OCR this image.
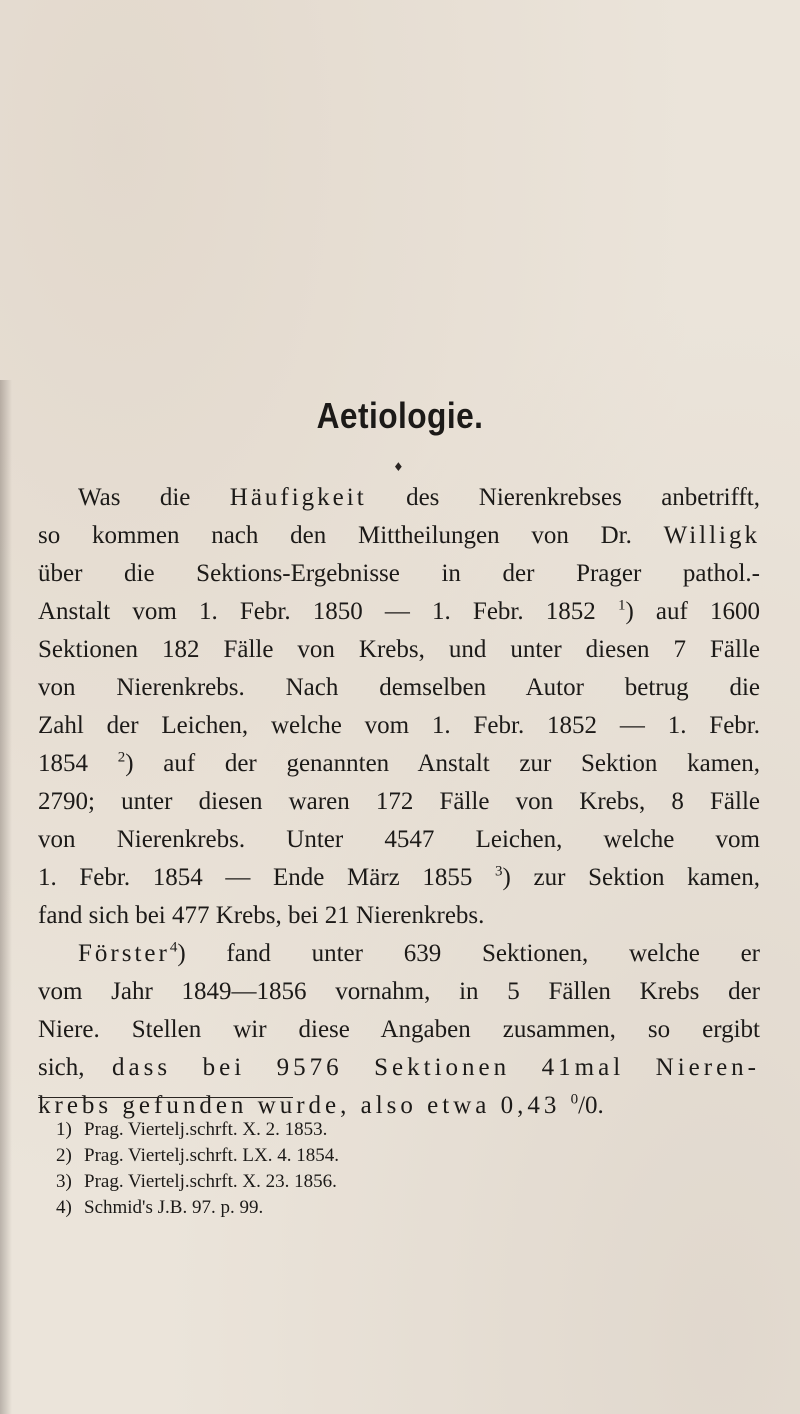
Aetiologie.
♦
Was die Häufigkeit des Nierenkrebses anbetrifft,
so kommen nach den Mittheilungen von Dr. Willigk
über die Sektions-Ergebnisse in der Prager pathol.-
Anstalt vom 1. Febr. 1850 — 1. Febr. 1852 $^1$) auf 1600
Sektionen 182 Fälle von Krebs, und unter diesen 7 Fälle
von Nierenkrebs. Nach demselben Autor betrug die
Zahl der Leichen, welche vom 1. Febr. 1852 — 1. Febr.
1854 $^2$) auf der genannten Anstalt zur Sektion kamen,
2790; unter diesen waren 172 Fälle von Krebs, 8 Fälle
von Nierenkrebs. Unter 4547 Leichen, welche vom
1. Febr. 1854 — Ende März 1855 $^3$) zur Sektion kamen,
fand sich bei 477 Krebs, bei 21 Nierenkrebs.
Förster$^4$) fand unter 639 Sektionen, welche er
vom Jahr 1849—1856 vornahm, in 5 Fällen Krebs der
Niere. Stellen wir diese Angaben zusammen, so ergibt
sich, dass bei 9576 Sektionen 41mal Nieren-
krebs gefunden wurde, also etwa 0,43 $^0$/0.
1) Prag. Viertelj.schrft. X. 2. 1853.
2) Prag. Viertelj.schrft. LX. 4. 1854.
3) Prag. Viertelj.schrft. X. 23. 1856.
4) Schmid's J.B. 97. p. 99.
